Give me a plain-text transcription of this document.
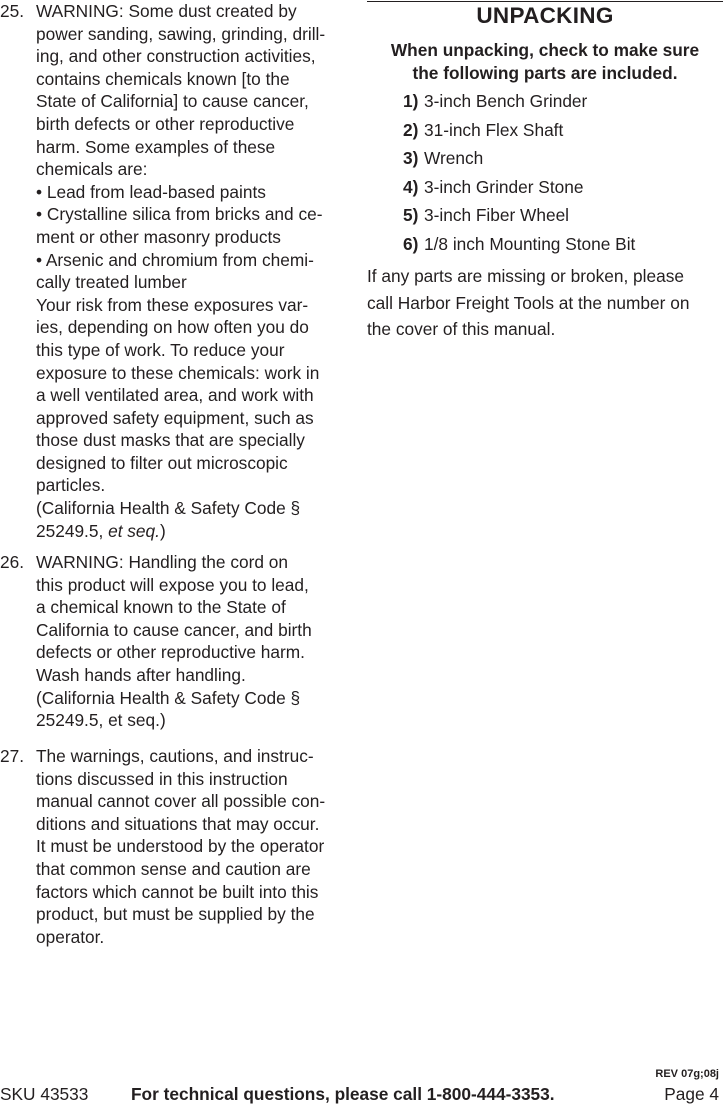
25. WARNING: Some dust created by
power sanding, sawing, grinding, drill-
ing, and other construction activities,
contains chemicals known [to the
State of California] to cause cancer,
birth defects or other reproductive
harm. Some examples of these
chemicals are:
• Lead from lead-based paints
• Crystalline silica from bricks and ce-
ment or other masonry products
• Arsenic and chromium from chemi-
cally treated lumber
Your risk from these exposures var-
ies, depending on how often you do
this type of work. To reduce your
exposure to these chemicals: work in
a well ventilated area, and work with
approved safety equipment, such as
those dust masks that are specially
designed to filter out microscopic
particles.
(California Health & Safety Code §
25249.5, et seq.)
26. WARNING: Handling the cord on
this product will expose you to lead,
a chemical known to the State of
California to cause cancer, and birth
defects or other reproductive harm.
Wash hands after handling.
(California Health & Safety Code §
25249.5, et seq.)
27. The warnings, cautions, and instruc-
tions discussed in this instruction
manual cannot cover all possible con-
ditions and situations that may occur.
It must be understood by the operator
that common sense and caution are
factors which cannot be built into this
product, but must be supplied by the
operator.
UNPACKING
When unpacking, check to make sure
the following parts are included.
1) 3-inch Bench Grinder
2) 31-inch Flex Shaft
3) Wrench
4) 3-inch Grinder Stone
5) 3-inch Fiber Wheel
6) 1/8 inch Mounting Stone Bit
If any parts are missing or broken, please
call Harbor Freight Tools at the number on
the cover of this manual.
REV 07g;08j
SKU 43533 For technical questions, please call 1-800-444-3353.	Page 4
